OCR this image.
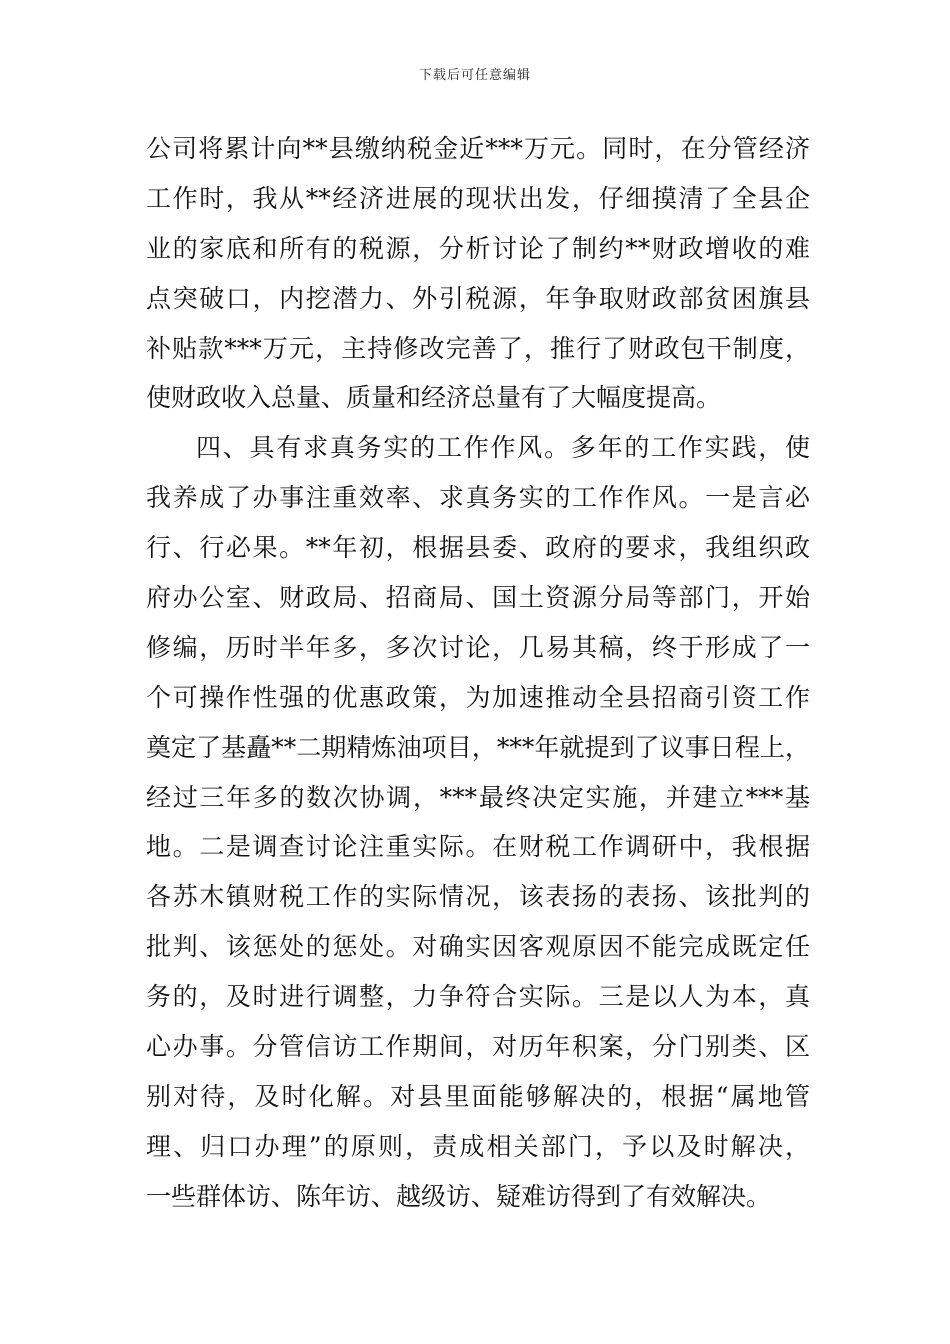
下载后可任意编辑
公司将累计向**县缴纳税金近***万元。同时，在分管经济
工作时，我从**经济进展的现状出发，仔细摸清了全县企
业的家底和所有的税源，分析讨论了制约**财政增收的难
点突破口，内挖潜力、外引税源，年争取财政部贫困旗县
补贴款***万元，主持修改完善了，推行了财政包干制度，
使财政收入总量、质量和经济总量有了大幅度提高。
四、具有求真务实的工作作风。多年的工作实践，使
我养成了办事注重效率、求真务实的工作作风。一是言必
行、行必果。**年初，根据县委、政府的要求，我组织政
府办公室、财政局、招商局、国土资源分局等部门，开始
修编，历时半年多，多次讨论，几易其稿，终于形成了一
个可操作性强的优惠政策，为加速推动全县招商引资工作
奠定了基矗**二期精炼油项目，***年就提到了议事日程上，
经过三年多的数次协调，***最终决定实施，并建立***基
地。二是调查讨论注重实际。在财税工作调研中，我根据
各苏木镇财税工作的实际情况，该表扬的表扬、该批判的
批判、该惩处的惩处。对确实因客观原因不能完成既定任
务的，及时进行调整，力争符合实际。三是以人为本，真
心办事。分管信访工作期间，对历年积案，分门别类、区
别对待，及时化解。对县里面能够解决的，根据“属地管
理、归口办理”的原则，责成相关部门，予以及时解决，
一些群体访、陈年访、越级访、疑难访得到了有效解决。
